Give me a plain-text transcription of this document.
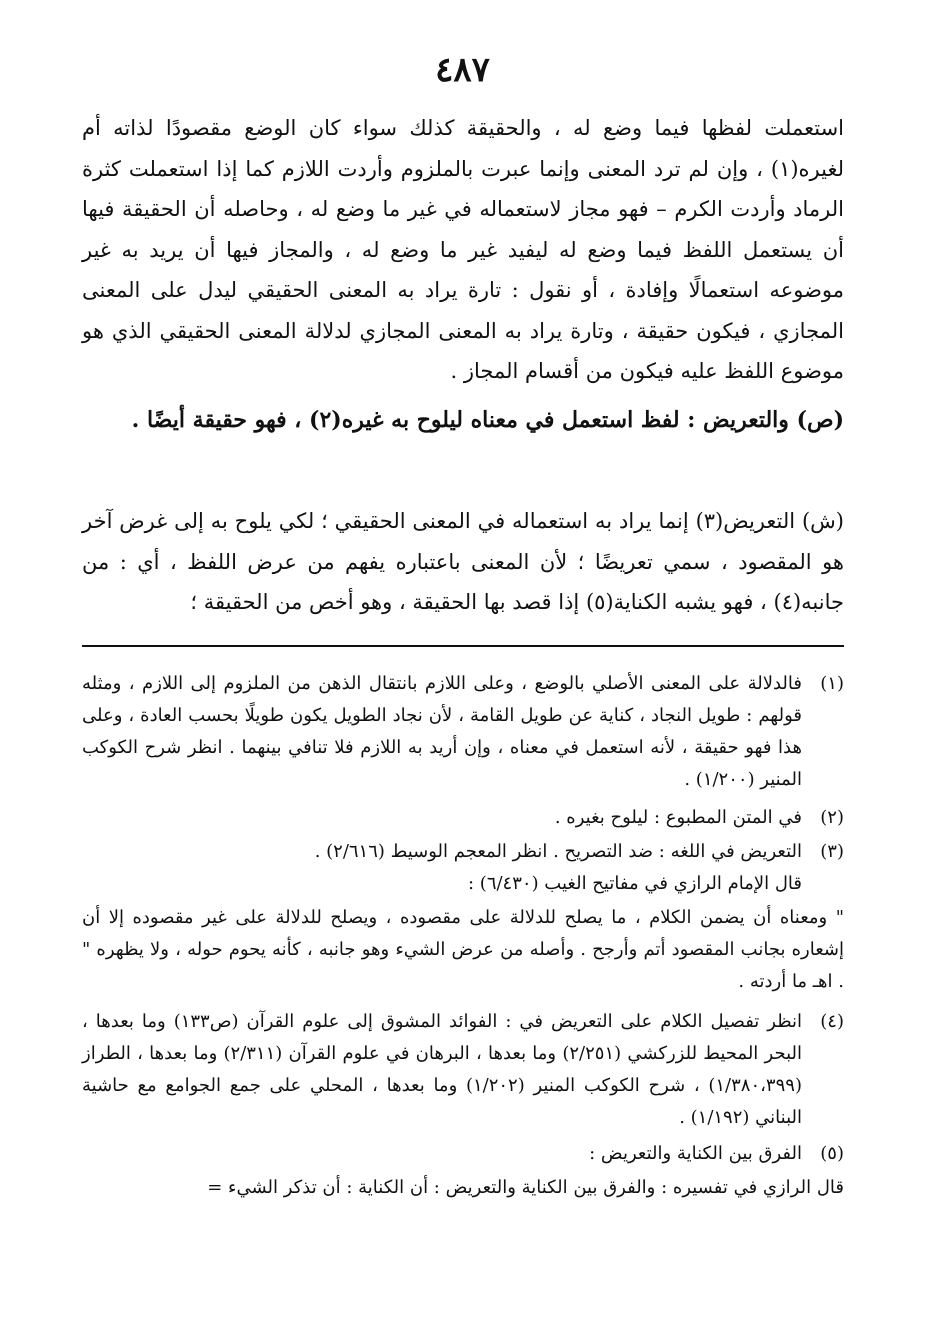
٤٨٧

استعملت لفظها فيما وضع له ، والحقيقة كذلك سواء كان الوضع مقصودًا لذاته أم لغيره(١) ، وإن لم ترد المعنى وإنما عبرت بالملزوم وأردت اللازم كما إذا استعملت كثرة الرماد وأردت الكرم – فهو مجاز لاستعماله في غير ما وضع له ، وحاصله أن الحقيقة فيها أن يستعمل اللفظ فيما وضع له ليفيد غير ما وضع له ، والمجاز فيها أن يريد به غير موضوعه استعمالًا وإفادة ، أو نقول : تارة يراد به المعنى الحقيقي ليدل على المعنى المجازي ، فيكون حقيقة ، وتارة يراد به المعنى المجازي لدلالة المعنى الحقيقي الذي هو موضوع اللفظ عليه فيكون من أقسام المجاز .

(ص) والتعريض : لفظ استعمل في معناه ليلوح به غيره(٢) ، فهو حقيقة أيضًا .

(ش) التعريض(٣) إنما يراد به استعماله في المعنى الحقيقي ؛ لكي يلوح به إلى غرض آخر هو المقصود ، سمي تعريضًا ؛ لأن المعنى باعتباره يفهم من عرض اللفظ ، أي : من جانبه(٤) ، فهو يشبه الكناية(٥) إذا قصد بها الحقيقة ، وهو أخص من الحقيقة ؛

(١)
فالدلالة على المعنى الأصلي بالوضع ، وعلى اللازم بانتقال الذهن من الملزوم إلى اللازم ، ومثله قولهم : طويل النجاد ، كناية عن طويل القامة ، لأن نجاد الطويل يكون طويلًا بحسب العادة ، وعلى هذا فهو حقيقة ، لأنه استعمل في معناه ، وإن أريد به اللازم فلا تنافي بينهما . انظر شرح الكوكب المنير (١/٢٠٠) .
(٢)
في المتن المطبوع : ليلوح بغيره .
(٣)
التعريض في اللغه : ضد التصريح . انظر المعجم الوسيط (٢/٦١٦) .

قال الإمام الرازي في مفاتيح الغيب (٦/٤٣٠) :

" ومعناه أن يضمن الكلام ، ما يصلح للدلالة على مقصوده ، ويصلح للدلالة على غير مقصوده إلا أن إشعاره بجانب المقصود أتم وأرجح . وأصله من عرض الشيء وهو جانبه ، كأنه يحوم حوله ، ولا يظهره " . اهـ ما أردته .

(٤)
انظر تفصيل الكلام على التعريض في : الفوائد المشوق إلى علوم القرآن (ص١٣٣) وما بعدها ، البحر المحيط للزركشي (٢/٢٥١) وما بعدها ، البرهان في علوم القرآن (٢/٣١١) وما بعدها ، الطراز (١/٣٨٠،٣٩٩) ، شرح الكوكب المنير (١/٢٠٢) وما بعدها ، المحلي على جمع الجوامع مع حاشية البناني (١/١٩٢) .
(٥)
الفرق بين الكناية والتعريض :

قال الرازي في تفسيره : والفرق بين الكناية والتعريض : أن الكناية : أن تذكر الشيء =
